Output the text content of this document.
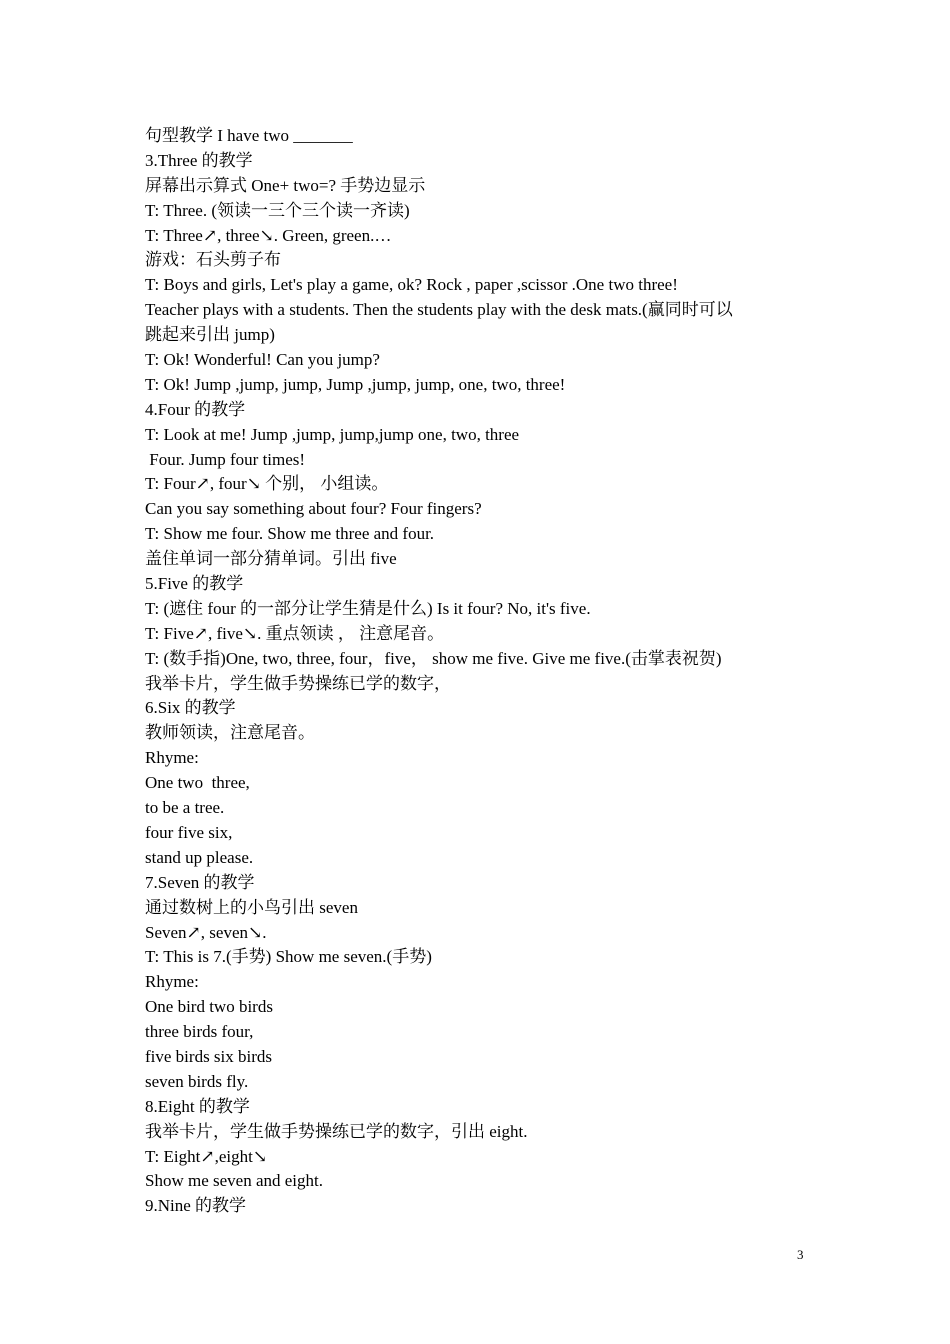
句型教学 I have two _______
3.Three 的教学
屏幕出示算式 One+ two=? 手势边显示
T: Three. (领读一三个三个读一齐读)
T: Three↗, three↘. Green, green.…
游戏：石头剪子布
T: Boys and girls, Let's play a game, ok? Rock , paper ,scissor .One two three!
Teacher plays with a students. Then the students play with the desk mats.(赢同时可以
跳起来引出 jump)
T: Ok! Wonderful! Can you jump?
T: Ok! Jump ,jump, jump, Jump ,jump, jump, one, two, three!
4.Four 的教学
T: Look at me! Jump ,jump, jump,jump one, two, three
Four. Jump four times!
T: Four↗, four↘ 个别， 小组读。
Can you say something about four? Four fingers?
T: Show me four. Show me three and four.
盖住单词一部分猜单词。引出 five
5.Five 的教学
T: (遮住 four 的一部分让学生猜是什么) Is it four? No, it's five.
T: Five↗, five↘. 重点领读 ， 注意尾音。
T: (数手指)One, two, three, four，five， show me five. Give me five.(击掌表祝贺)
我举卡片，学生做手势操练已学的数字，
6.Six 的教学
教师领读，注意尾音。
Rhyme:
One two  three,
to be a tree.
four five six,
stand up please.
7.Seven 的教学
通过数树上的小鸟引出 seven
Seven↗, seven↘.
T: This is 7.(手势) Show me seven.(手势)
Rhyme:
One bird two birds
three birds four,
five birds six birds
seven birds fly.
8.Eight 的教学
我举卡片，学生做手势操练已学的数字，引出 eight.
T: Eight↗,eight↘
Show me seven and eight.
9.Nine 的教学
3
